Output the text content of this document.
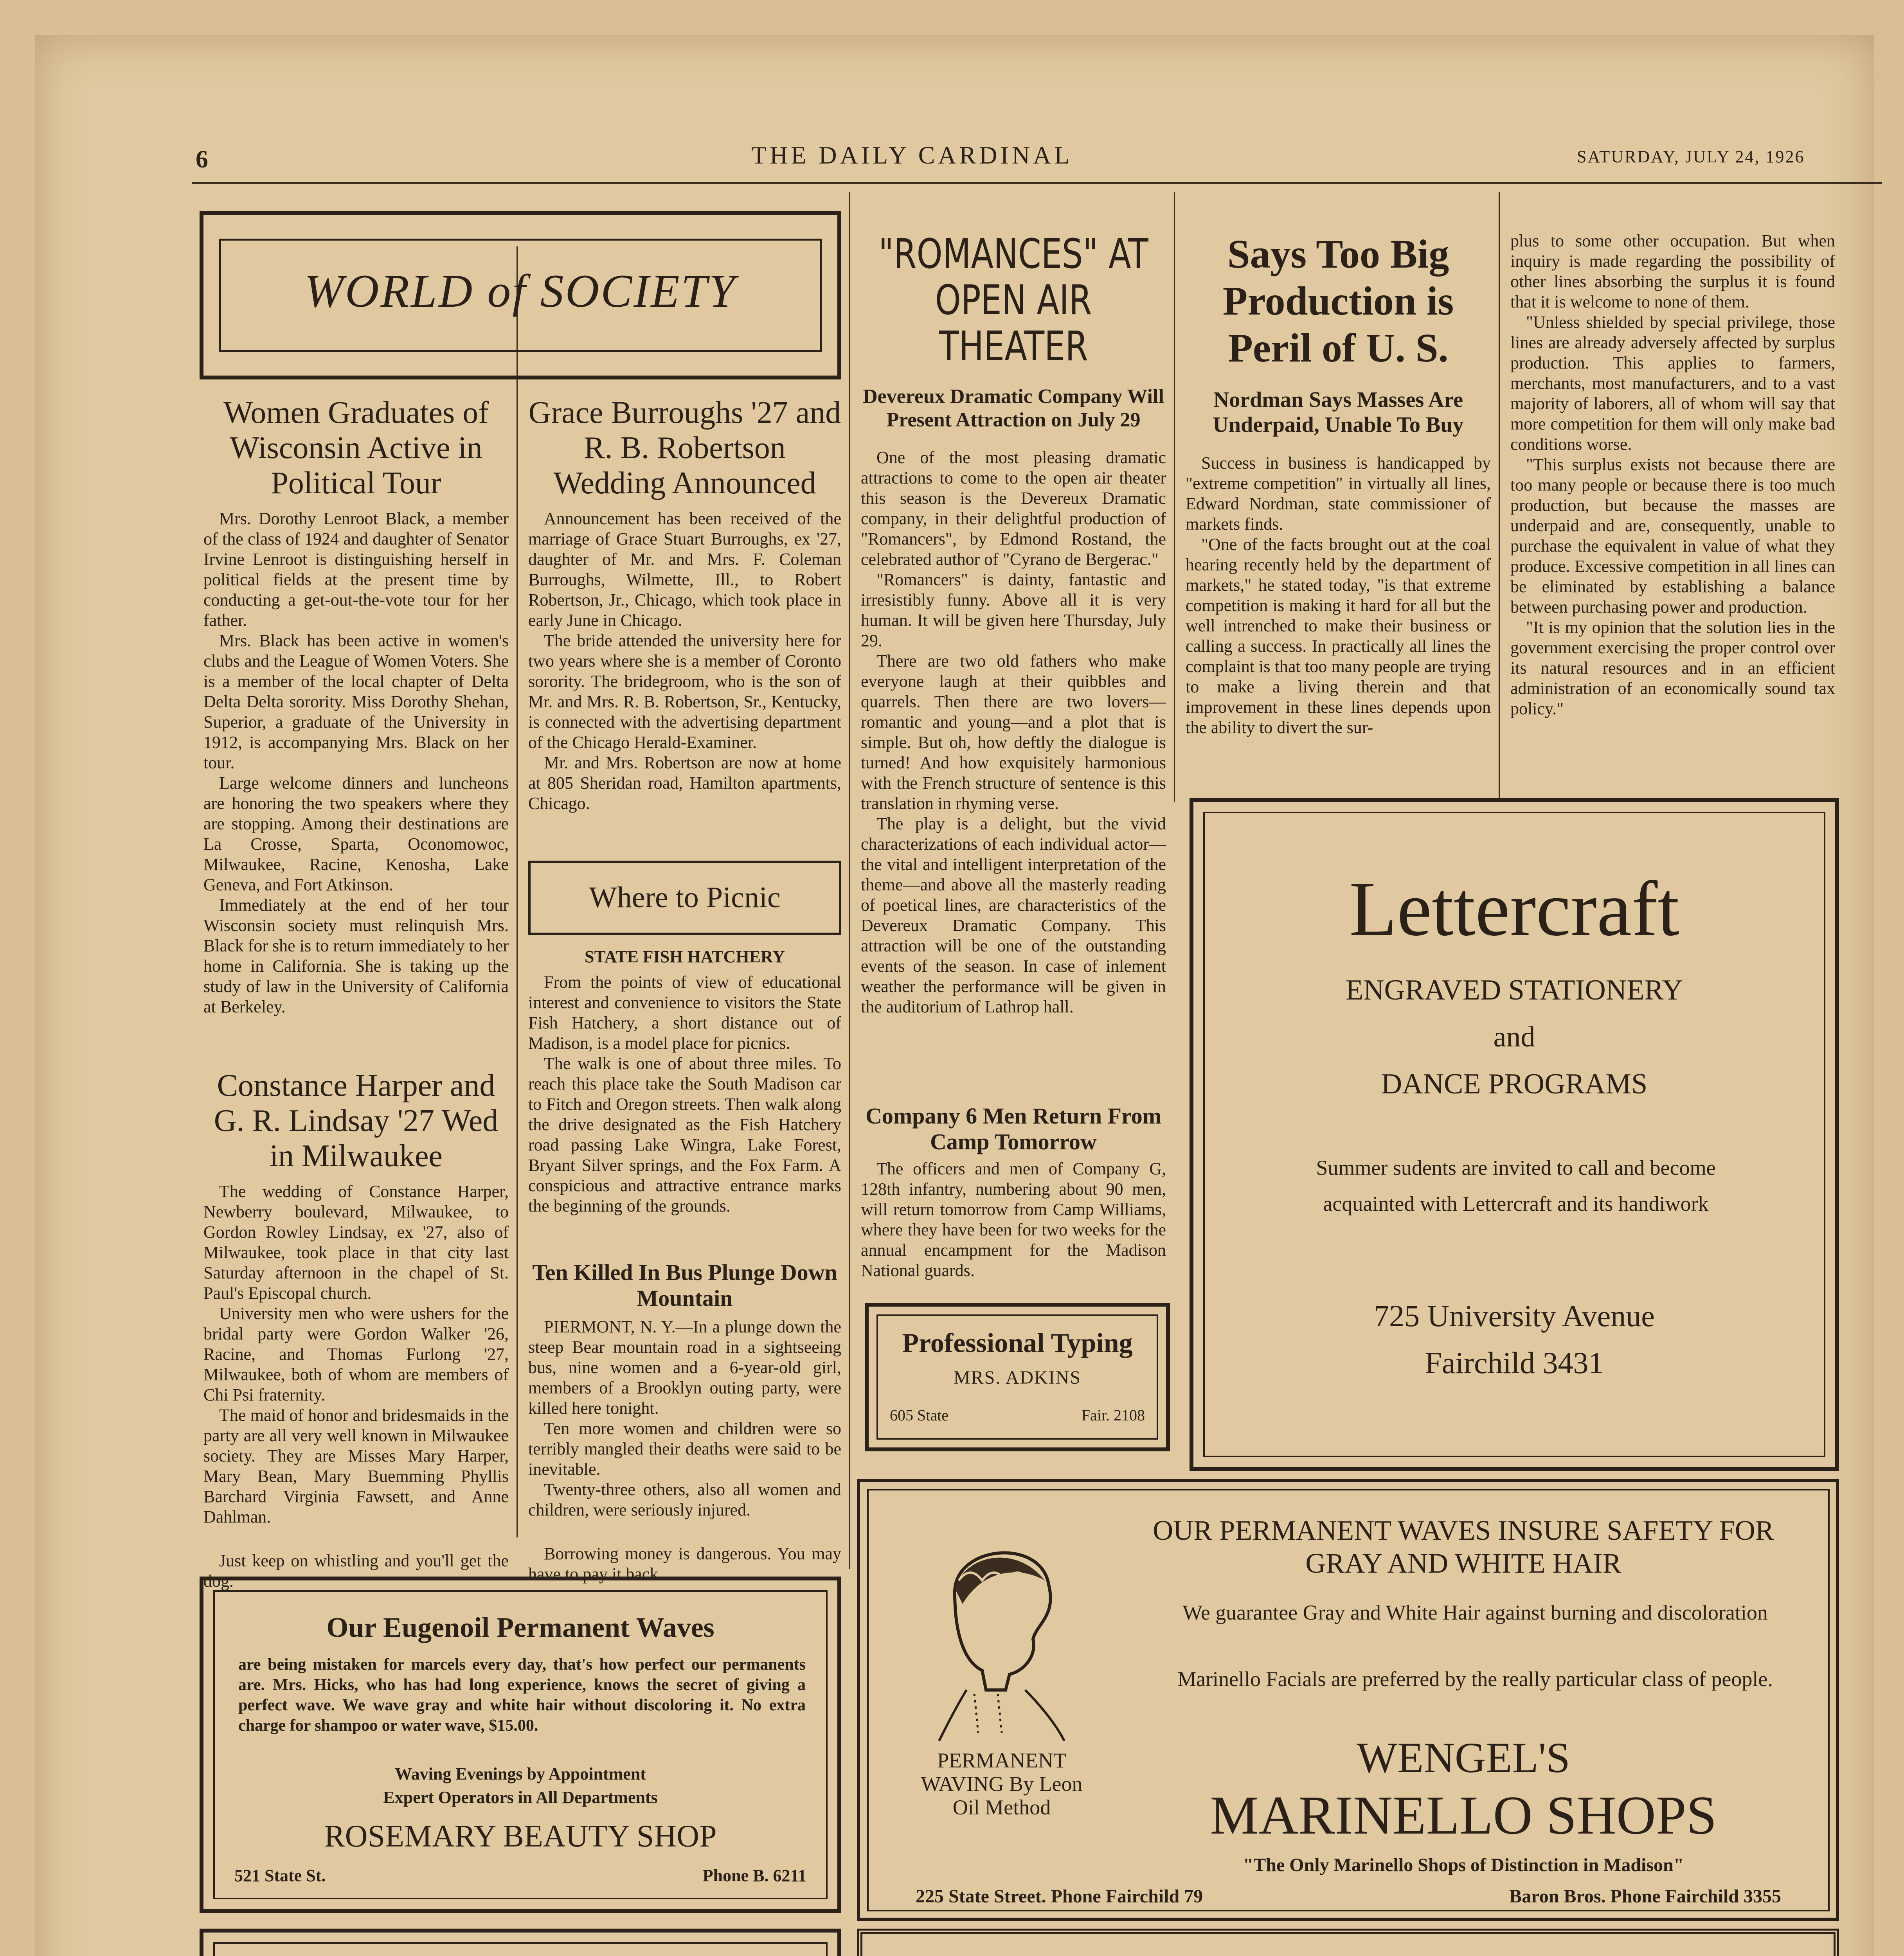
6	THE DAILY CARDINAL	SATURDAY, JULY 24, 1926
WORLD of SOCIETY
Women Graduates of Wisconsin Active in Political Tour

Mrs. Dorothy Lenroot Black, a member of the class of 1924 and daughter of Senator Irvine Lenroot is distinguishing herself in political fields at the present time by conducting a get-out-the-vote tour for her father.

Mrs. Black has been active in women's clubs and the League of Women Voters. She is a member of the local chapter of Delta Delta Delta sorority. Miss Dorothy Shehan, Superior, a graduate of the University in 1912, is accompanying Mrs. Black on her tour.

Large welcome dinners and luncheons are honoring the two speakers where they are stopping. Among their destinations are La Crosse, Sparta, Oconomowoc, Milwaukee, Racine, Kenosha, Lake Geneva, and Fort Atkinson.

Immediately at the end of her tour Wisconsin society must relinquish Mrs. Black for she is to return immediately to her home in California. She is taking up the study of law in the University of California at Berkeley.

Constance Harper and G. R. Lindsay '27 Wed in Milwaukee

The wedding of Constance Harper, Newberry boulevard, Milwaukee, to Gordon Rowley Lindsay, ex '27, also of Milwaukee, took place in that city last Saturday afternoon in the chapel of St. Paul's Episcopal church.

University men who were ushers for the bridal party were Gordon Walker '26, Racine, and Thomas Furlong '27, Milwaukee, both of whom are members of Chi Psi fraternity.

The maid of honor and bridesmaids in the party are all very well known in Milwaukee society. They are Misses Mary Harper, Mary Bean, Mary Buemming Phyllis Barchard Virginia Fawsett, and Anne Dahlman.

Just keep on whistling and you'll get the dog.

Grace Burroughs '27 and R. B. Robertson Wedding Announced

Announcement has been received of the marriage of Grace Stuart Burroughs, ex '27, daughter of Mr. and Mrs. F. Coleman Burroughs, Wilmette, Ill., to Robert Robertson, Jr., Chicago, which took place in early June in Chicago.

The bride attended the university here for two years where she is a member of Coronto sorority. The bridegroom, who is the son of Mr. and Mrs. R. B. Robertson, Sr., Kentucky, is connected with the advertising department of the Chicago Herald-Examiner.

Mr. and Mrs. Robertson are now at home at 805 Sheridan road, Hamilton apartments, Chicago.

Where to Picnic
STATE FISH HATCHERY

From the points of view of educational interest and convenience to visitors the State Fish Hatchery, a short distance out of Madison, is a model place for picnics.

The walk is one of about three miles. To reach this place take the South Madison car to Fitch and Oregon streets. Then walk along the drive designated as the Fish Hatchery road passing Lake Wingra, Lake Forest, Bryant Silver springs, and the Fox Farm. A conspicious and attractive entrance marks the beginning of the grounds.

Ten Killed In Bus Plunge Down Mountain

PIERMONT, N. Y.—In a plunge down the steep Bear mountain road in a sightseeing bus, nine women and a 6-year-old girl, members of a Brooklyn outing party, were killed here tonight.

Ten more women and children were so terribly mangled their deaths were said to be inevitable.

Twenty-three others, also all women and children, were seriously injured.

Borrowing money is dangerous. You may have to pay it back.

"ROMANCES" AT OPEN AIR THEATER
Devereux Dramatic Company Will Present Attraction on July 29

One of the most pleasing dramatic attractions to come to the open air theater this season is the Devereux Dramatic company, in their delightful production of "Romancers", by Edmond Rostand, the celebrated author of "Cyrano de Bergerac."

"Romancers" is dainty, fantastic and irresistibly funny. Above all it is very human. It will be given here Thursday, July 29.

There are two old fathers who make everyone laugh at their quibbles and quarrels. Then there are two lovers—romantic and young—and a plot that is simple. But oh, how deftly the dialogue is turned! And how exquisitely harmonious with the French structure of sentence is this translation in rhyming verse.

The play is a delight, but the vivid characterizations of each individual actor—the vital and intelligent interpretation of the theme—and above all the masterly reading of poetical lines, are characteristics of the Devereux Dramatic Company. This attraction will be one of the outstanding events of the season. In case of inlement weather the performance will be given in the auditorium of Lathrop hall.

Company 6 Men Return From Camp Tomorrow

The officers and men of Company G, 128th infantry, numbering about 90 men, will return tomorrow from Camp Williams, where they have been for two weeks for the annual encampment for the Madison National guards.

Professional Typing
MRS. ADKINS
605 State	Fair. 2108
Says Too Big Production is Peril of U. S.
Nordman Says Masses Are Underpaid, Unable To Buy

Success in business is handicapped by "extreme competition" in virtually all lines, Edward Nordman, state commissioner of markets finds.

"One of the facts brought out at the coal hearing recently held by the department of markets," he stated today, "is that extreme competition is making it hard for all but the well intrenched to make their business or calling a success. In practically all lines the complaint is that too many people are trying to make a living therein and that improvement in these lines depends upon the ability to divert the sur-

plus to some other occupation. But when inquiry is made regarding the possibility of other lines absorbing the surplus it is found that it is welcome to none of them.

"Unless shielded by special privilege, those lines are already adversely affected by surplus production. This applies to farmers, merchants, most manufacturers, and to a vast majority of laborers, all of whom will say that more competition for them will only make bad conditions worse.

"This surplus exists not because there are too many people or because there is too much production, but because the masses are underpaid and are, consequently, unable to purchase the equivalent in value of what they produce. Excessive competition in all lines can be eliminated by establishing a balance between purchasing power and production.

"It is my opinion that the solution lies in the government exercising the proper control over its natural resources and in an efficient administration of an economically sound tax policy."

Lettercraft
ENGRAVED STATIONERY
and
DANCE PROGRAMS
Summer sudents are invited to call and become acquainted with Lettercraft and its handiwork
725 University Avenue
Fairchild 3431
PERMANENT WAVING By Leon Oil Method
OUR PERMANENT WAVES INSURE SAFETY FOR GRAY AND WHITE HAIR
We guarantee Gray and White Hair against burning and discoloration
Marinello Facials are preferred by the really particular class of people.
WENGEL'S
MARINELLO SHOPS
"The Only Marinello Shops of Distinction in Madison"
225 State Street. Phone Fairchild 79	Baron Bros. Phone Fairchild 3355
Our Eugenoil Permanent Waves
are being mistaken for marcels every day, that's how perfect our permanents are. Mrs. Hicks, who has had long experience, knows the secret of giving a perfect wave. We wave gray and white hair without discoloring it. No extra charge for shampoo or water wave, $15.00.
Waving Evenings by Appointment
Expert Operators in All Departments
ROSEMARY BEAUTY SHOP
521 State St.	Phone B. 6211
